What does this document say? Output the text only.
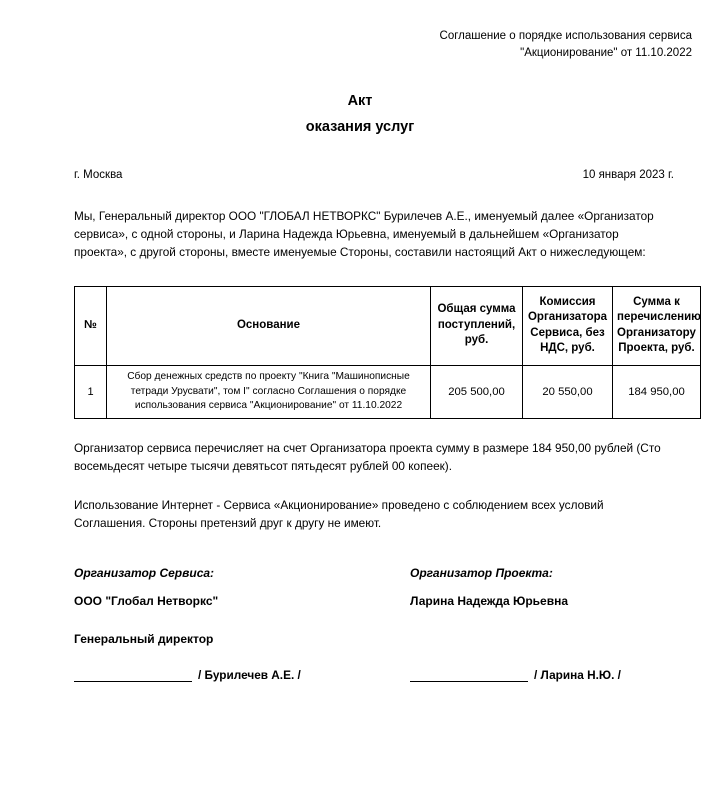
Соглашение о порядке использования сервиса
"Акционирование" от 11.10.2022
Акт
оказания услуг
г. Москва	10 января 2023 г.
Мы, Генеральный директор ООО "ГЛОБАЛ НЕТВОРКС" Бурилечев А.Е., именуемый далее «Организатор сервиса», с одной стороны, и Ларина Надежда Юрьевна, именуемый в дальнейшем «Организатор проекта», с другой стороны, вместе именуемые Стороны, составили настоящий Акт о нижеследующем:
№	Основание	Общая сумма поступлений, руб.	Комиссия Организатора Сервиса, без НДС, руб.	Сумма к перечислению Организатору Проекта, руб.
1	Сбор денежных средств по проекту "Книга "Машинописные тетради Урусвати", том I" согласно Соглашения о порядке использования сервиса "Акционирование" от 11.10.2022	205 500,00	20 550,00	184 950,00
Организатор сервиса перечисляет на счет Организатора проекта сумму в размере 184 950,00 рублей (Сто восемьдесят четыре тысячи девятьсот пятьдесят рублей 00 копеек).
Использование Интернет - Сервиса «Акционирование» проведено с соблюдением всех условий Соглашения. Стороны претензий друг к другу не имеют.
Организатор Сервиса:	Организатор Проекта:
ООО "Глобал Нетворкс"	Ларина Надежда Юрьевна
Генеральный директор
/ Бурилечев А.Е. /	/ Ларина Н.Ю. /
